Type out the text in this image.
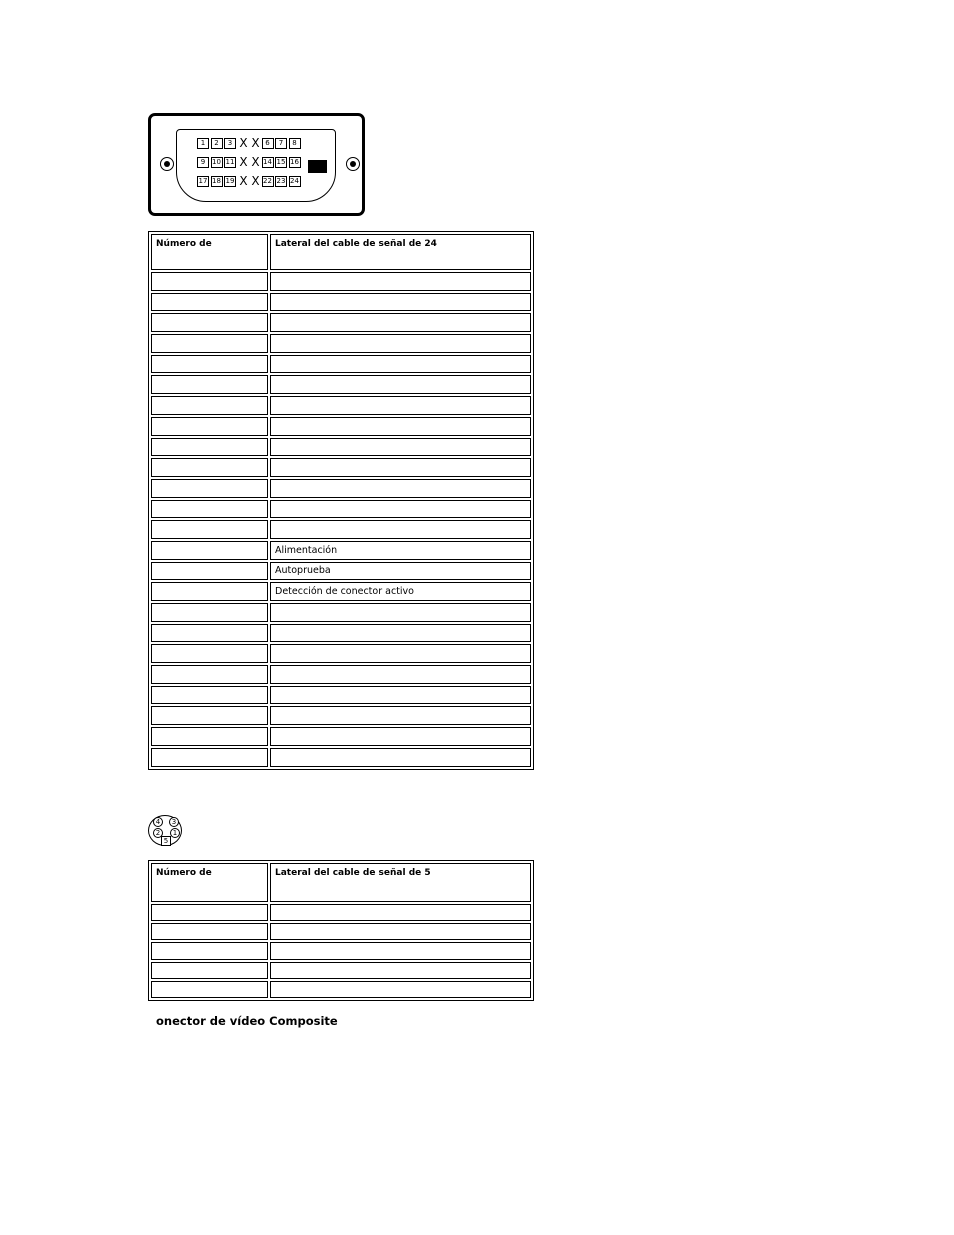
1	2	3 X X 6	7	8
9 10 11 X X 14 15 16
17 18 19 X X 22 23 24
Número de	Lateral del cable de señal de 24

	Alimentación
	Autoprueba
	Detección de conector activo

4	3
2	1
5
Número de	Lateral del cable de señal de 5

onector de vídeo Composite
